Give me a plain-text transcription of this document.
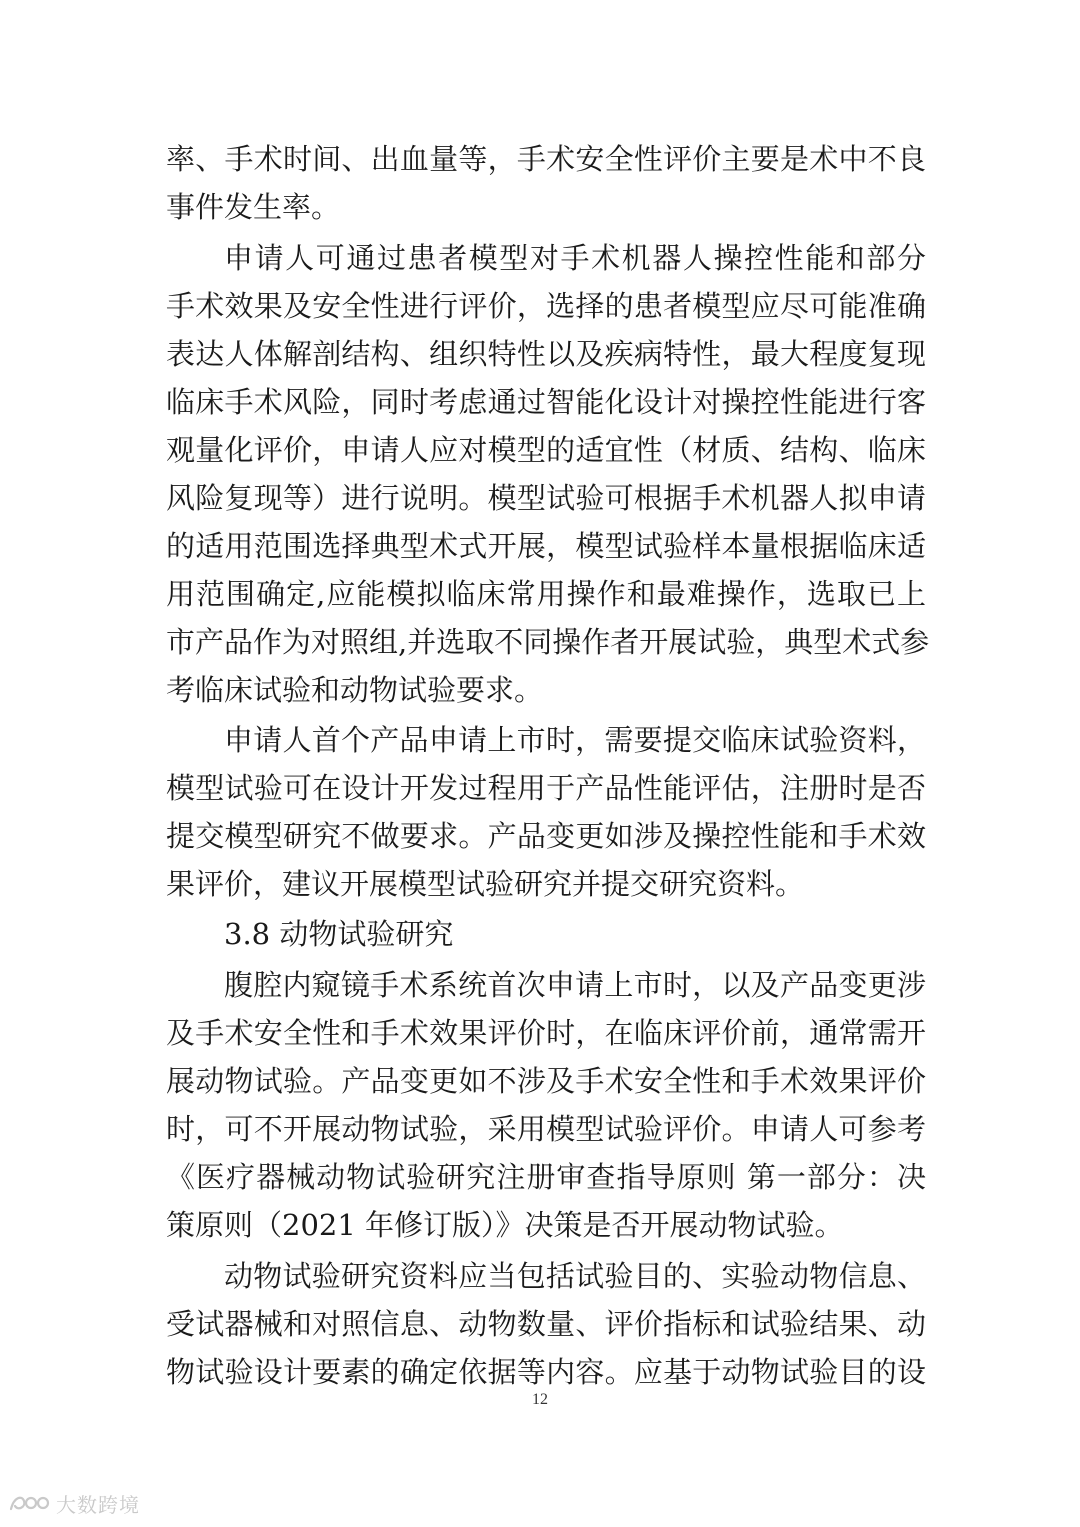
率、手术时间、出血量等，手术安全性评价主要是术中不良
事件发生率。
申请人可通过患者模型对手术机器人操控性能和部分
手术效果及安全性进行评价，选择的患者模型应尽可能准确
表达人体解剖结构、组织特性以及疾病特性，最大程度复现
临床手术风险，同时考虑通过智能化设计对操控性能进行客
观量化评价，申请人应对模型的适宜性（材质、结构、临床
风险复现等）进行说明。模型试验可根据手术机器人拟申请
的适用范围选择典型术式开展，模型试验样本量根据临床适
用范围确定,应能模拟临床常用操作和最难操作，选取已上
市产品作为对照组,并选取不同操作者开展试验，典型术式参
考临床试验和动物试验要求。
申请人首个产品申请上市时，需要提交临床试验资料，
模型试验可在设计开发过程用于产品性能评估，注册时是否
提交模型研究不做要求。产品变更如涉及操控性能和手术效
果评价，建议开展模型试验研究并提交研究资料。
3.8 动物试验研究
腹腔内窥镜手术系统首次申请上市时，以及产品变更涉
及手术安全性和手术效果评价时，在临床评价前，通常需开
展动物试验。产品变更如不涉及手术安全性和手术效果评价
时，可不开展动物试验，采用模型试验评价。申请人可参考
《医疗器械动物试验研究注册审查指导原则 第一部分：决
策原则（2021 年修订版）》决策是否开展动物试验。
动物试验研究资料应当包括试验目的、实验动物信息、
受试器械和对照信息、动物数量、评价指标和试验结果、动
物试验设计要素的确定依据等内容。应基于动物试验目的设
12
大数跨境
